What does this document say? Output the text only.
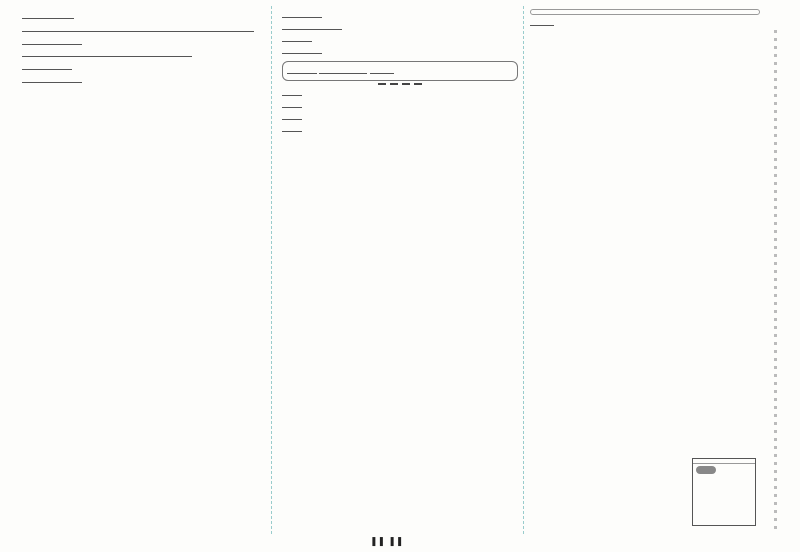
❚❚ ❚❚
